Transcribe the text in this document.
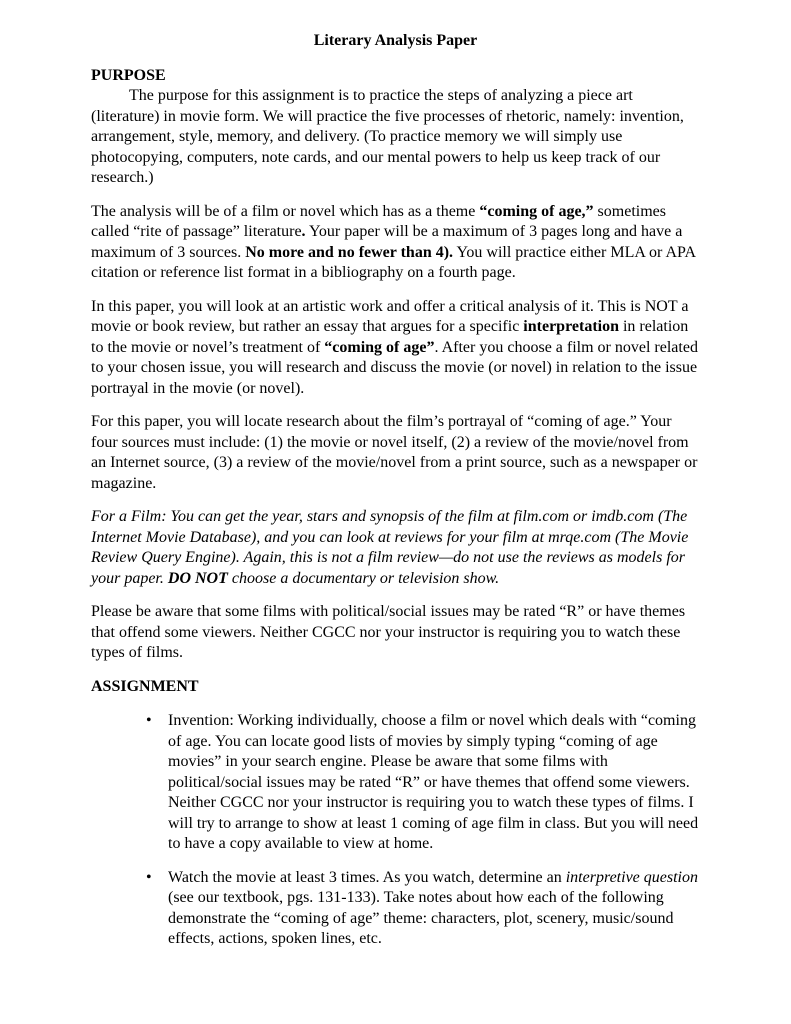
Literary Analysis Paper

PURPOSE

The purpose for this assignment is to practice the steps of analyzing a piece art (literature) in movie form. We will practice the five processes of rhetoric, namely: invention, arrangement, style, memory, and delivery. (To practice memory we will simply use photocopying, computers, note cards, and our mental powers to help us keep track of our research.)

The analysis will be of a film or novel which has as a theme “coming of age,” sometimes called “rite of passage” literature. Your paper will be a maximum of 3 pages long and have a maximum of 3 sources. No more and no fewer than 4). You will practice either MLA or APA citation or reference list format in a bibliography on a fourth page.

In this paper, you will look at an artistic work and offer a critical analysis of it. This is NOT a movie or book review, but rather an essay that argues for a specific interpretation in relation to the movie or novel’s treatment of “coming of age”. After you choose a film or novel related to your chosen issue, you will research and discuss the movie (or novel) in relation to the issue portrayal in the movie (or novel).

For this paper, you will locate research about the film’s portrayal of “coming of age.” Your four sources must include: (1) the movie or novel itself, (2) a review of the movie/novel from an Internet source, (3) a review of the movie/novel from a print source, such as a newspaper or magazine.

For a Film: You can get the year, stars and synopsis of the film at film.com or imdb.com (The Internet Movie Database), and you can look at reviews for your film at mrqe.com (The Movie Review Query Engine). Again, this is not a film review—do not use the reviews as models for your paper. DO NOT choose a documentary or television show.

Please be aware that some films with political/social issues may be rated “R” or have themes that offend some viewers. Neither CGCC nor your instructor is requiring you to watch these types of films.

ASSIGNMENT

• Invention: Working individually, choose a film or novel which deals with “coming of age. You can locate good lists of movies by simply typing “coming of age movies” in your search engine. Please be aware that some films with political/social issues may be rated “R” or have themes that offend some viewers. Neither CGCC nor your instructor is requiring you to watch these types of films. I will try to arrange to show at least 1 coming of age film in class. But you will need to have a copy available to view at home.
• Watch the movie at least 3 times. As you watch, determine an interpretive question (see our textbook, pgs. 131-133). Take notes about how each of the following demonstrate the “coming of age” theme: characters, plot, scenery, music/sound effects, actions, spoken lines, etc.
